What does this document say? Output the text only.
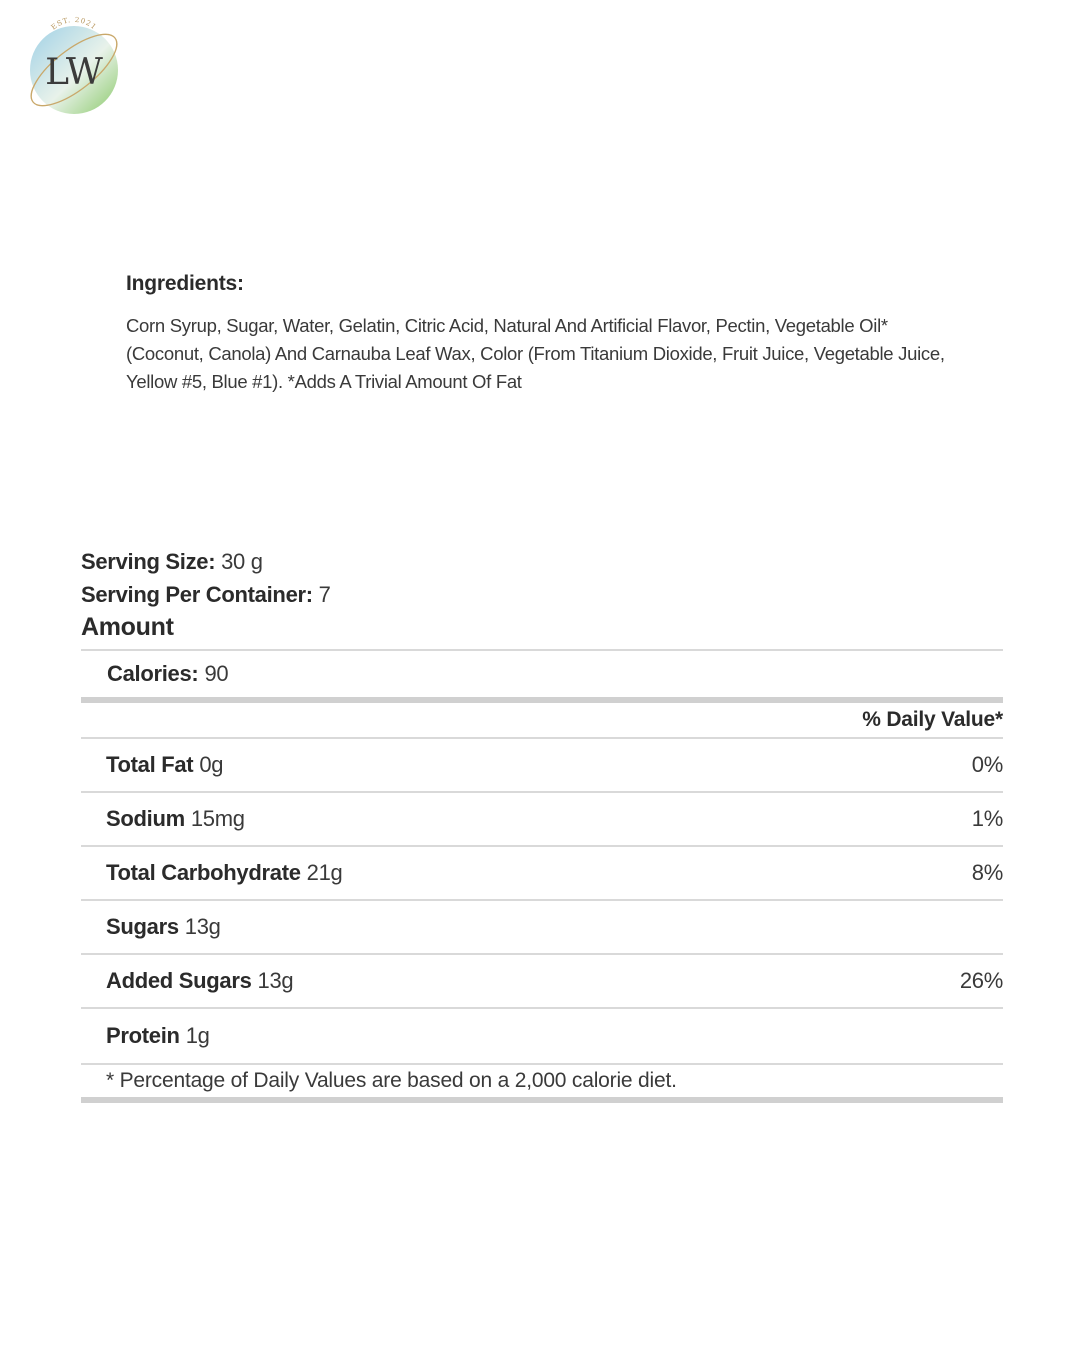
EST. 2021
LW
Ingredients:
Corn Syrup, Sugar, Water, Gelatin, Citric Acid, Natural And Artificial Flavor, Pectin, Vegetable Oil* (Coconut, Canola) And Carnauba Leaf Wax, Color (From Titanium Dioxide, Fruit Juice, Vegetable Juice, Yellow #5, Blue #1). *Adds A Trivial Amount Of Fat
Serving Size: 30 g
Serving Per Container: 7
Amount
Calories: 90
% Daily Value*
Total Fat 0g	0%
Sodium 15mg	1%
Total Carbohydrate 21g	8%
Sugars 13g
Added Sugars 13g	26%
Protein 1g
* Percentage of Daily Values are based on a 2,000 calorie diet.
